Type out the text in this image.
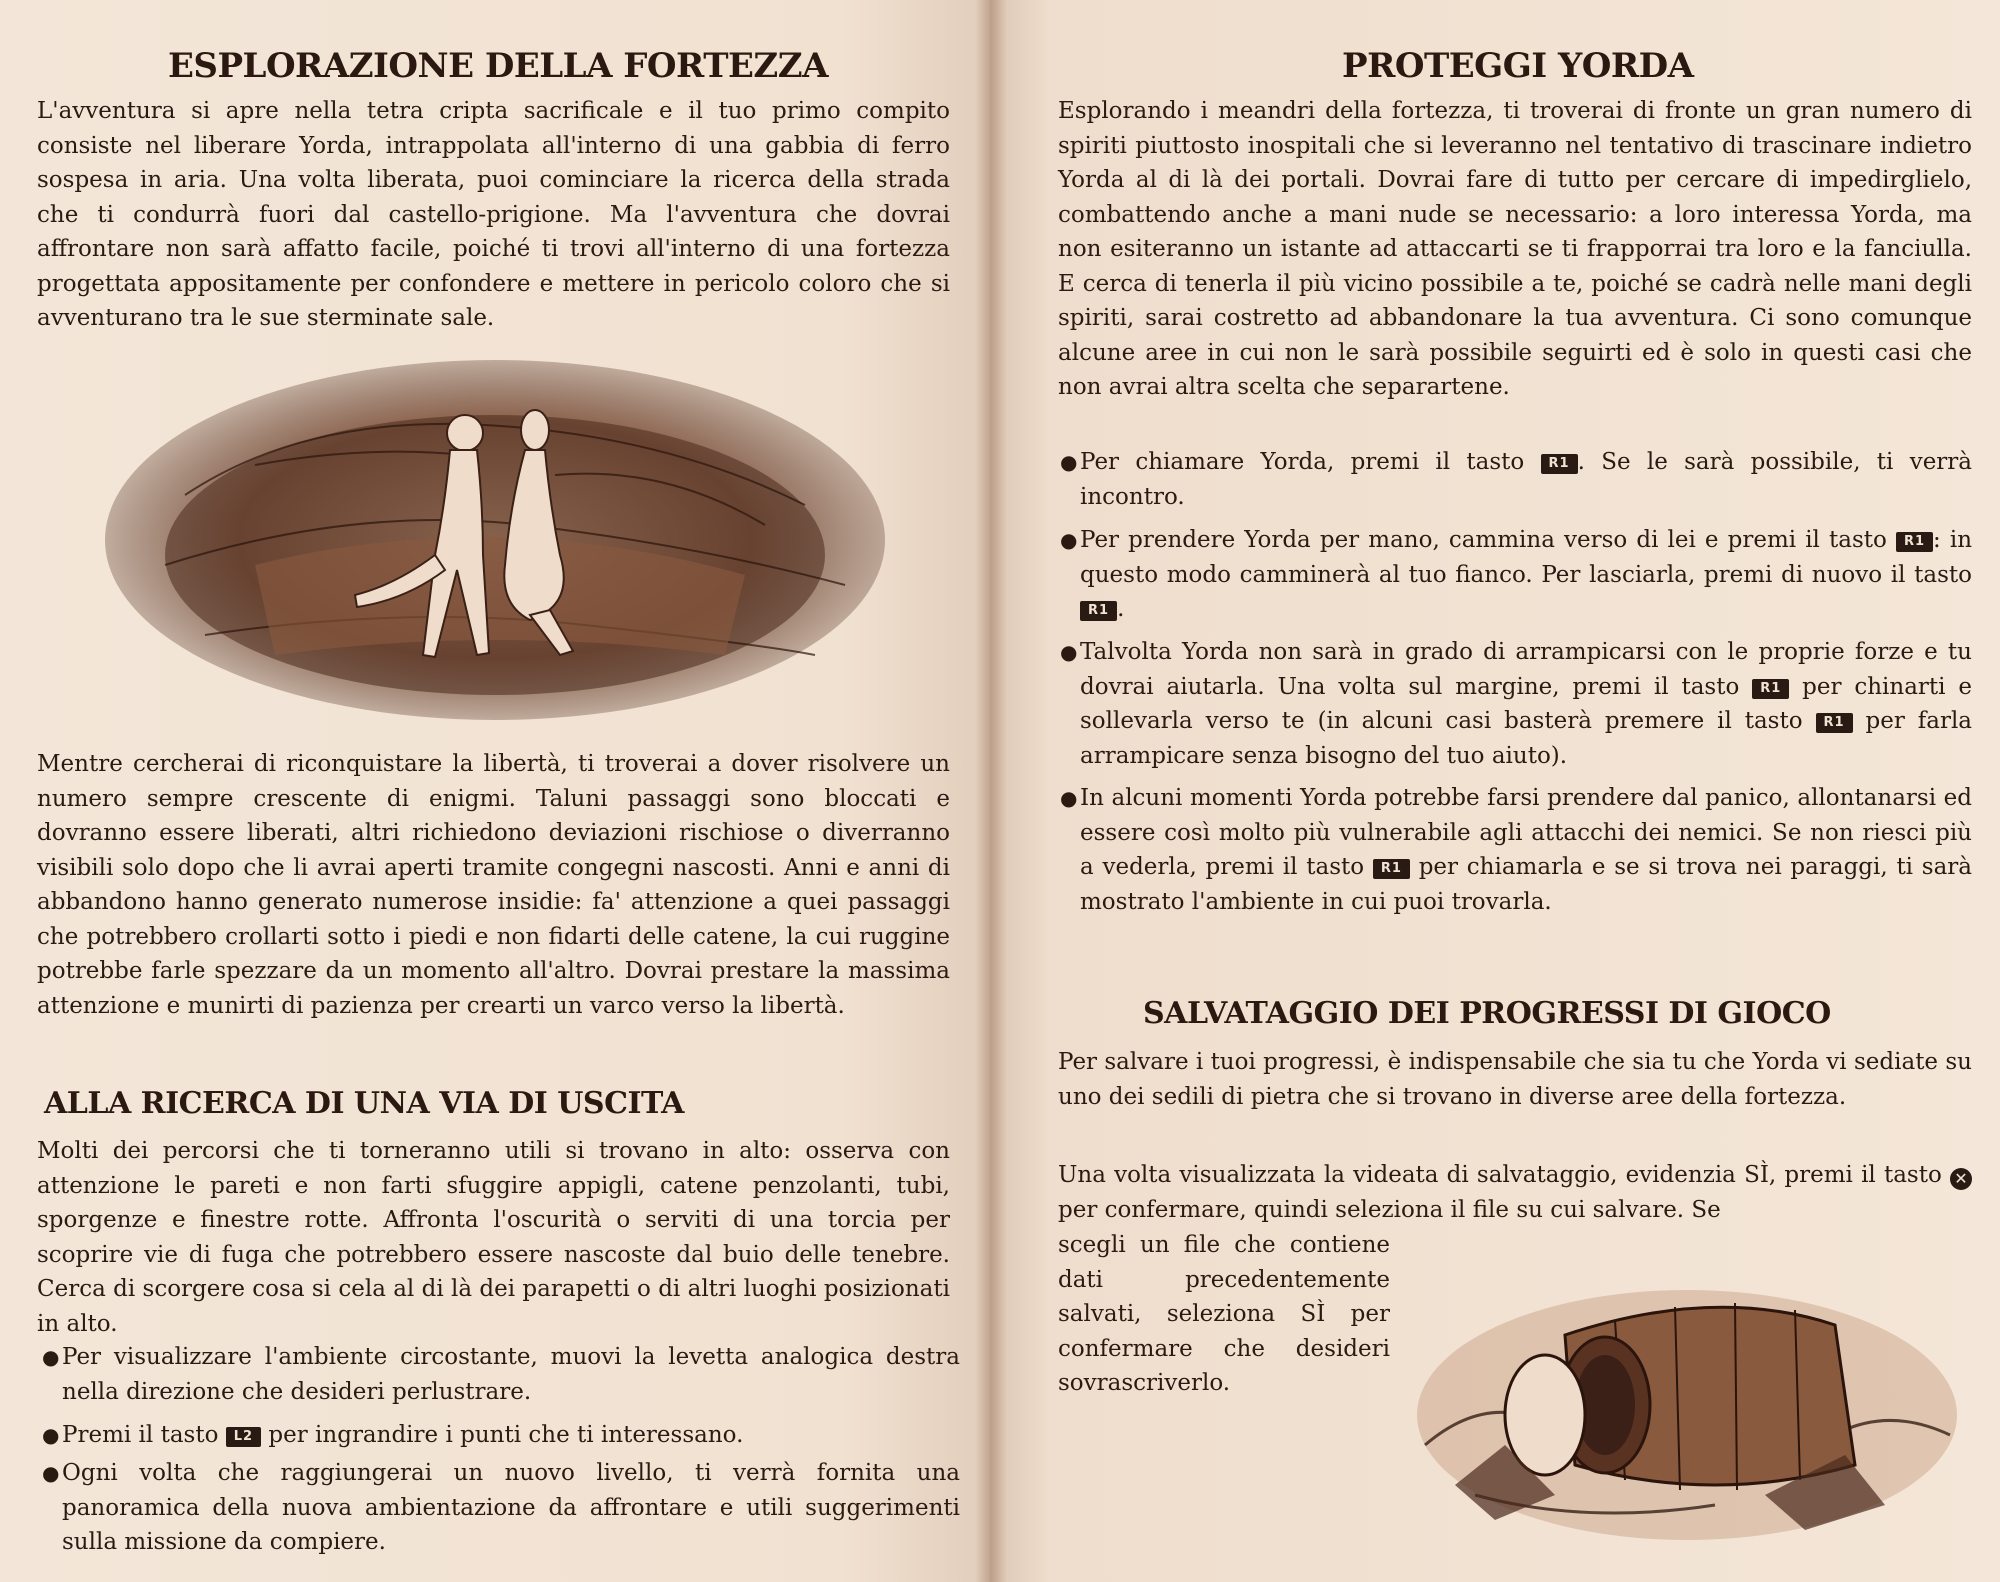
ESPLORAZIONE DELLA FORTEZZA

L'avventura si apre nella tetra cripta sacrificale e il tuo primo compito consiste nel liberare Yorda, intrappolata all'interno di una gabbia di ferro sospesa in aria. Una volta liberata, puoi cominciare la ricerca della strada che ti condurrà fuori dal castello-prigione. Ma l'avventura che dovrai affrontare non sarà affatto facile, poiché ti trovi all'interno di una fortezza progettata appositamente per confondere e mettere in pericolo coloro che si avventurano tra le sue sterminate sale.

Mentre cercherai di riconquistare la libertà, ti troverai a dover risolvere un numero sempre crescente di enigmi. Taluni passaggi sono bloccati e dovranno essere liberati, altri richiedono deviazioni rischiose o diverranno visibili solo dopo che li avrai aperti tramite congegni nascosti. Anni e anni di abbandono hanno generato numerose insidie: fa' attenzione a quei passaggi che potrebbero crollarti sotto i piedi e non fidarti delle catene, la cui ruggine potrebbe farle spezzare da un momento all'altro. Dovrai prestare la massima attenzione e munirti di pazienza per crearti un varco verso la libertà.

ALLA RICERCA DI UNA VIA DI USCITA

Molti dei percorsi che ti torneranno utili si trovano in alto: osserva con attenzione le pareti e non farti sfuggire appigli, catene penzolanti, tubi, sporgenze e finestre rotte. Affronta l'oscurità o serviti di una torcia per scoprire vie di fuga che potrebbero essere nascoste dal buio delle tenebre. Cerca di scorgere cosa si cela al di là dei parapetti o di altri luoghi posizionati in alto.

● Per visualizzare l'ambiente circostante, muovi la levetta analogica destra nella direzione che desideri perlustrare.
● Premi il tasto L2 per ingrandire i punti che ti interessano.
● Ogni volta che raggiungerai un nuovo livello, ti verrà fornita una panoramica della nuova ambientazione da affrontare e utili suggerimenti sulla missione da compiere.
PROTEGGI YORDA

Esplorando i meandri della fortezza, ti troverai di fronte un gran numero di spiriti piuttosto inospitali che si leveranno nel tentativo di trascinare indietro Yorda al di là dei portali. Dovrai fare di tutto per cercare di impedirglielo, combattendo anche a mani nude se necessario: a loro interessa Yorda, ma non esiteranno un istante ad attaccarti se ti frapporrai tra loro e la fanciulla. E cerca di tenerla il più vicino possibile a te, poiché se cadrà nelle mani degli spiriti, sarai costretto ad abbandonare la tua avventura. Ci sono comunque alcune aree in cui non le sarà possibile seguirti ed è solo in questi casi che non avrai altra scelta che separartene.

● Per chiamare Yorda, premi il tasto R1 . Se le sarà possibile, ti verrà incontro.
● Per prendere Yorda per mano, cammina verso di lei e premi il tasto R1 : in questo modo camminerà al tuo fianco. Per lasciarla, premi di nuovo il tasto R1 .
● Talvolta Yorda non sarà in grado di arrampicarsi con le proprie forze e tu dovrai aiutarla. Una volta sul margine, premi il tasto R1 per chinarti e sollevarla verso te (in alcuni casi basterà premere il tasto R1 per farla arrampicare senza bisogno del tuo aiuto).
● In alcuni momenti Yorda potrebbe farsi prendere dal panico, allontanarsi ed essere così molto più vulnerabile agli attacchi dei nemici. Se non riesci più a vederla, premi il tasto R1 per chiamarla e se si trova nei paraggi, ti sarà mostrato l'ambiente in cui puoi trovarla.
SALVATAGGIO DEI PROGRESSI DI GIOCO

Per salvare i tuoi progressi, è indispensabile che sia tu che Yorda vi sediate su uno dei sedili di pietra che si trovano in diverse aree della fortezza.

Una volta visualizzata la videata di salvataggio, evidenzia SÌ, premi il tasto ✕ per confermare, quindi seleziona il file su cui salvare. Se

scegli un file che contiene dati precedentemente salvati, seleziona SÌ per confermare che desideri sovrascriverlo.
